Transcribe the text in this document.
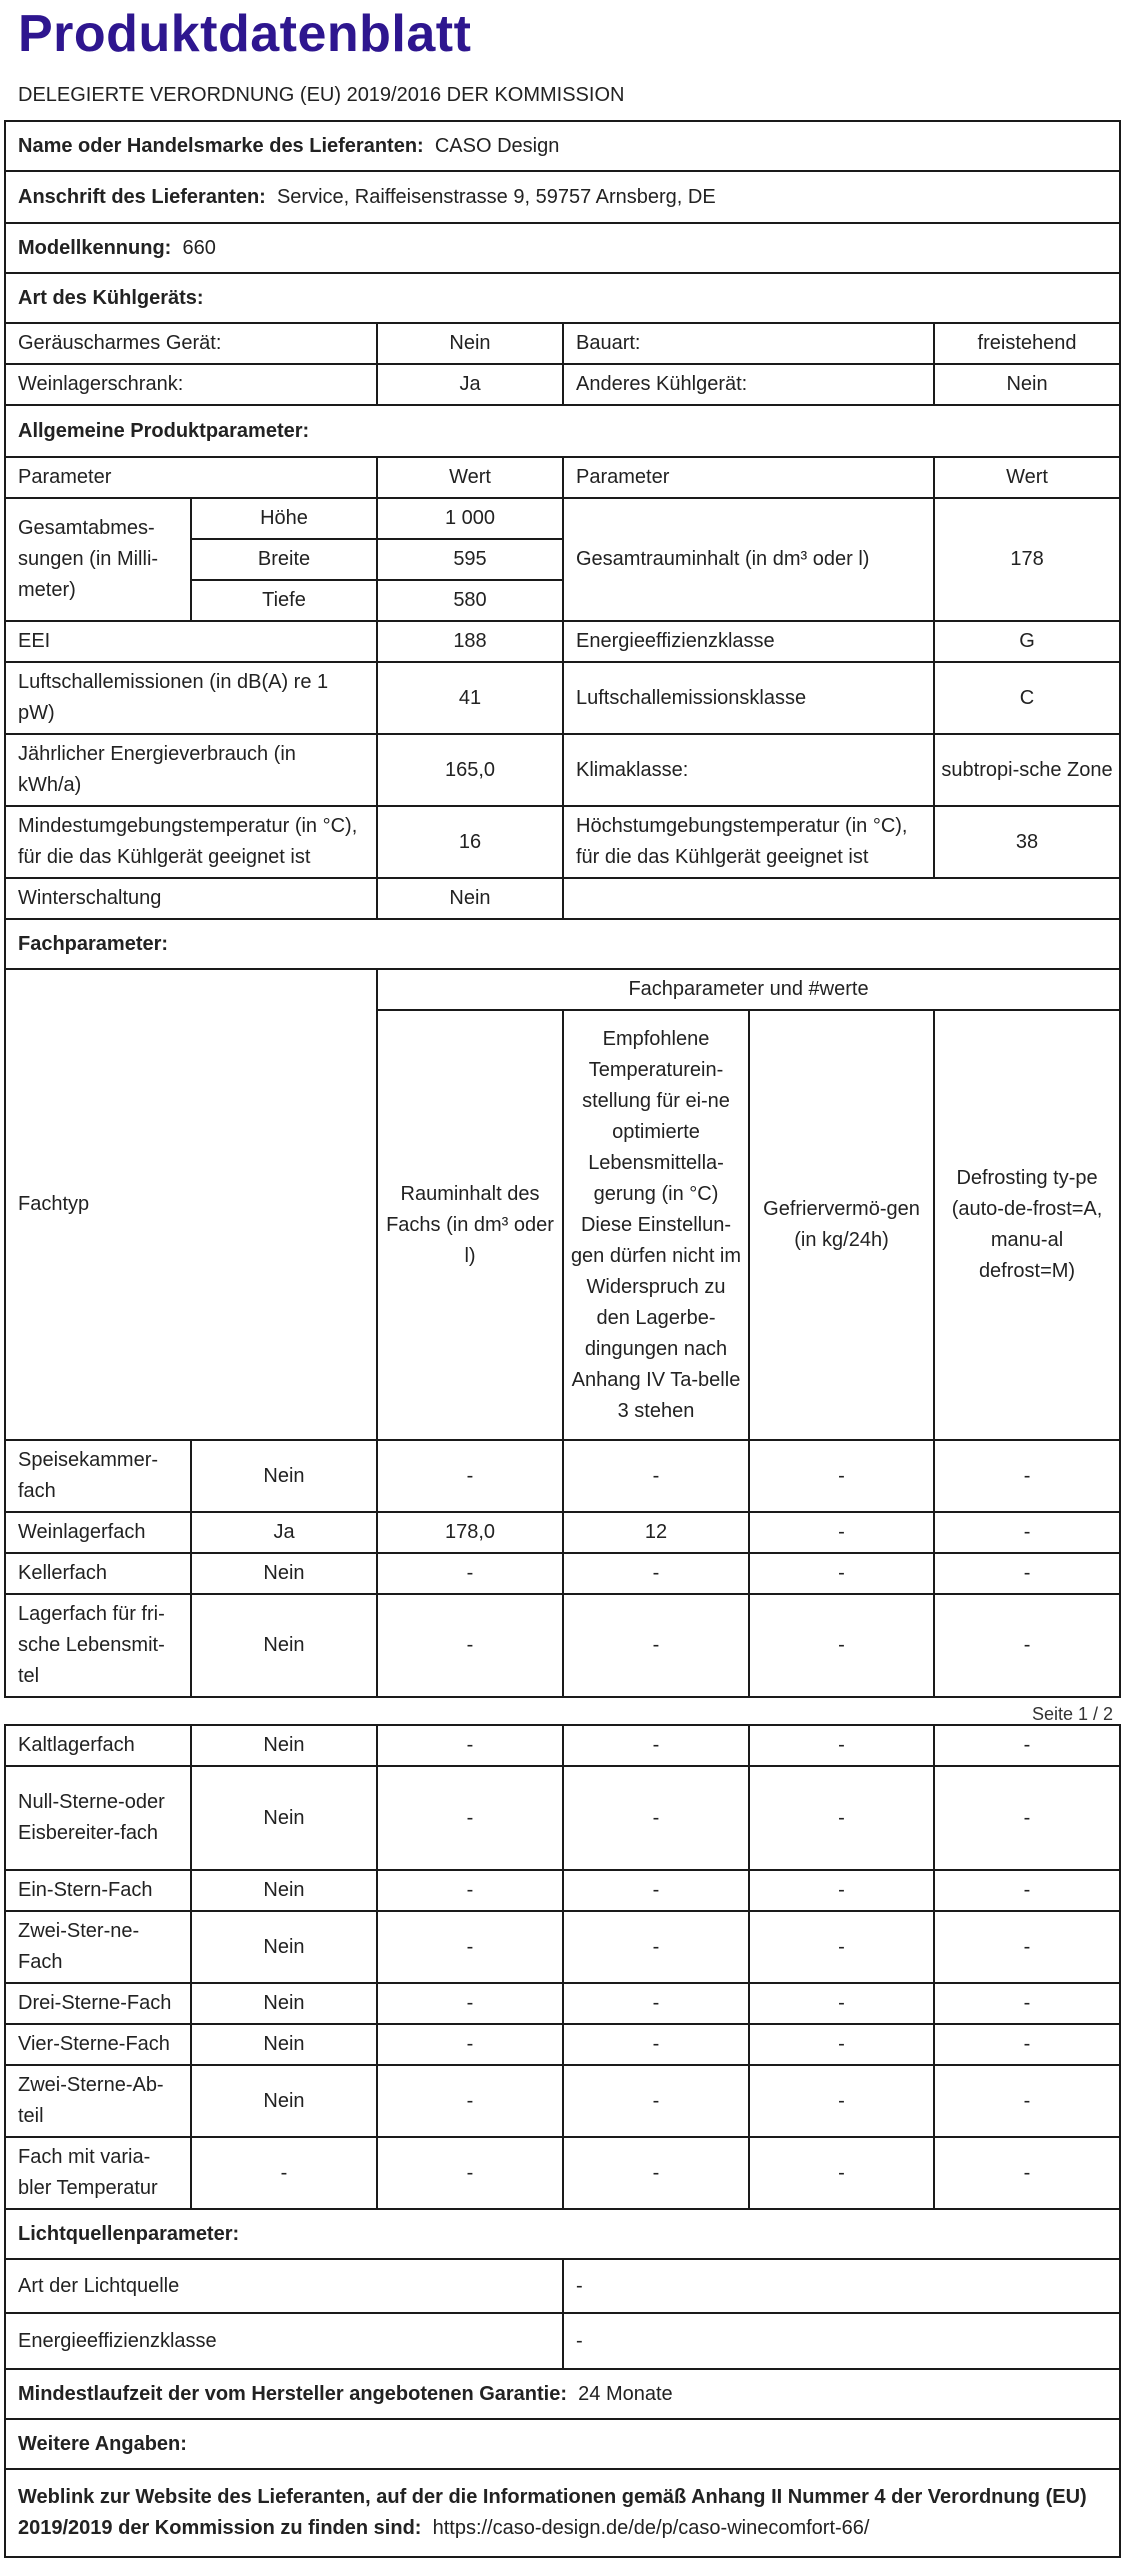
Produktdatenblatt
DELEGIERTE VERORDNUNG (EU) 2019/2016 DER KOMMISSION
Name oder Handelsmarke des Lieferanten: CASO Design					
Anschrift des Lieferanten: Service, Raiffeisenstrasse 9, 59757 Arnsberg, DE					
Modellkennung: 660					
Art des Kühlgeräts:					
Geräuscharmes Gerät:		Nein	Bauart:		freistehend
Weinlagerschrank:		Ja	Anderes Kühlgerät:		Nein
Allgemeine Produktparameter:					
Parameter		Wert	Parameter		Wert
Gesamtabmes-sungen (in Milli-meter)	Höhe	1 000	Gesamtrauminhalt (in dm³ oder l)		178
	Breite	595			
	Tiefe	580			
EEI		188	Energieeffizienzklasse		G
Luftschallemissionen (in dB(A) re 1 pW)		41	Luftschallemissionsklasse		C
Jährlicher Energieverbrauch (in kWh/a)		165,0	Klimaklasse:		subtropi-sche Zone
Mindestumgebungstemperatur (in °C), für die das Kühlgerät geeignet ist		16	Höchstumgebungstemperatur (in °C), für die das Kühlgerät geeignet ist		38
Winterschaltung		Nein			
Fachparameter:					
Fachtyp		Fachparameter und #werte			
		Rauminhalt des Fachs (in dm³ oder l)	Empfohlene Temperaturein-stellung für ei-ne optimierte Lebensmittella-gerung (in °C) Diese Einstellun-gen dürfen nicht im Widerspruch zu den Lagerbe-dingungen nach Anhang IV Ta-belle 3 stehen	Gefriervermö-gen (in kg/24h)	Defrosting ty-pe (auto-de-frost=A, manu-al defrost=M)
Speisekammer-fach	Nein	-	-	-	-
Weinlagerfach	Ja	178,0	12	-	-
Kellerfach	Nein	-	-	-	-
Lagerfach für fri-sche Lebensmit-tel	Nein	-	-	-	-
Seite 1 / 2
Kaltlagerfach	Nein	-	-	-	-
Null-Sterne-oder Eisbereiter-fach	Nein	-	-	-	-
Ein-Stern-Fach	Nein	-	-	-	-
Zwei-Ster-ne-Fach	Nein	-	-	-	-
Drei-Sterne-Fach	Nein	-	-	-	-
Vier-Sterne-Fach	Nein	-	-	-	-
Zwei-Sterne-Ab-teil	Nein	-	-	-	-
Fach mit varia-bler Temperatur	-	-	-	-	-
Lichtquellenparameter:					
Art der Lichtquelle			-		
Energieeffizienzklasse			-		
Mindestlaufzeit der vom Hersteller angebotenen Garantie: 24 Monate					
Weitere Angaben:					
Weblink zur Website des Lieferanten, auf der die Informationen gemäß Anhang II Nummer 4 der Verordnung (EU) 2019/2019 der Kommission zu finden sind: https://caso-design.de/de/p/caso-winecomfort-66/					
